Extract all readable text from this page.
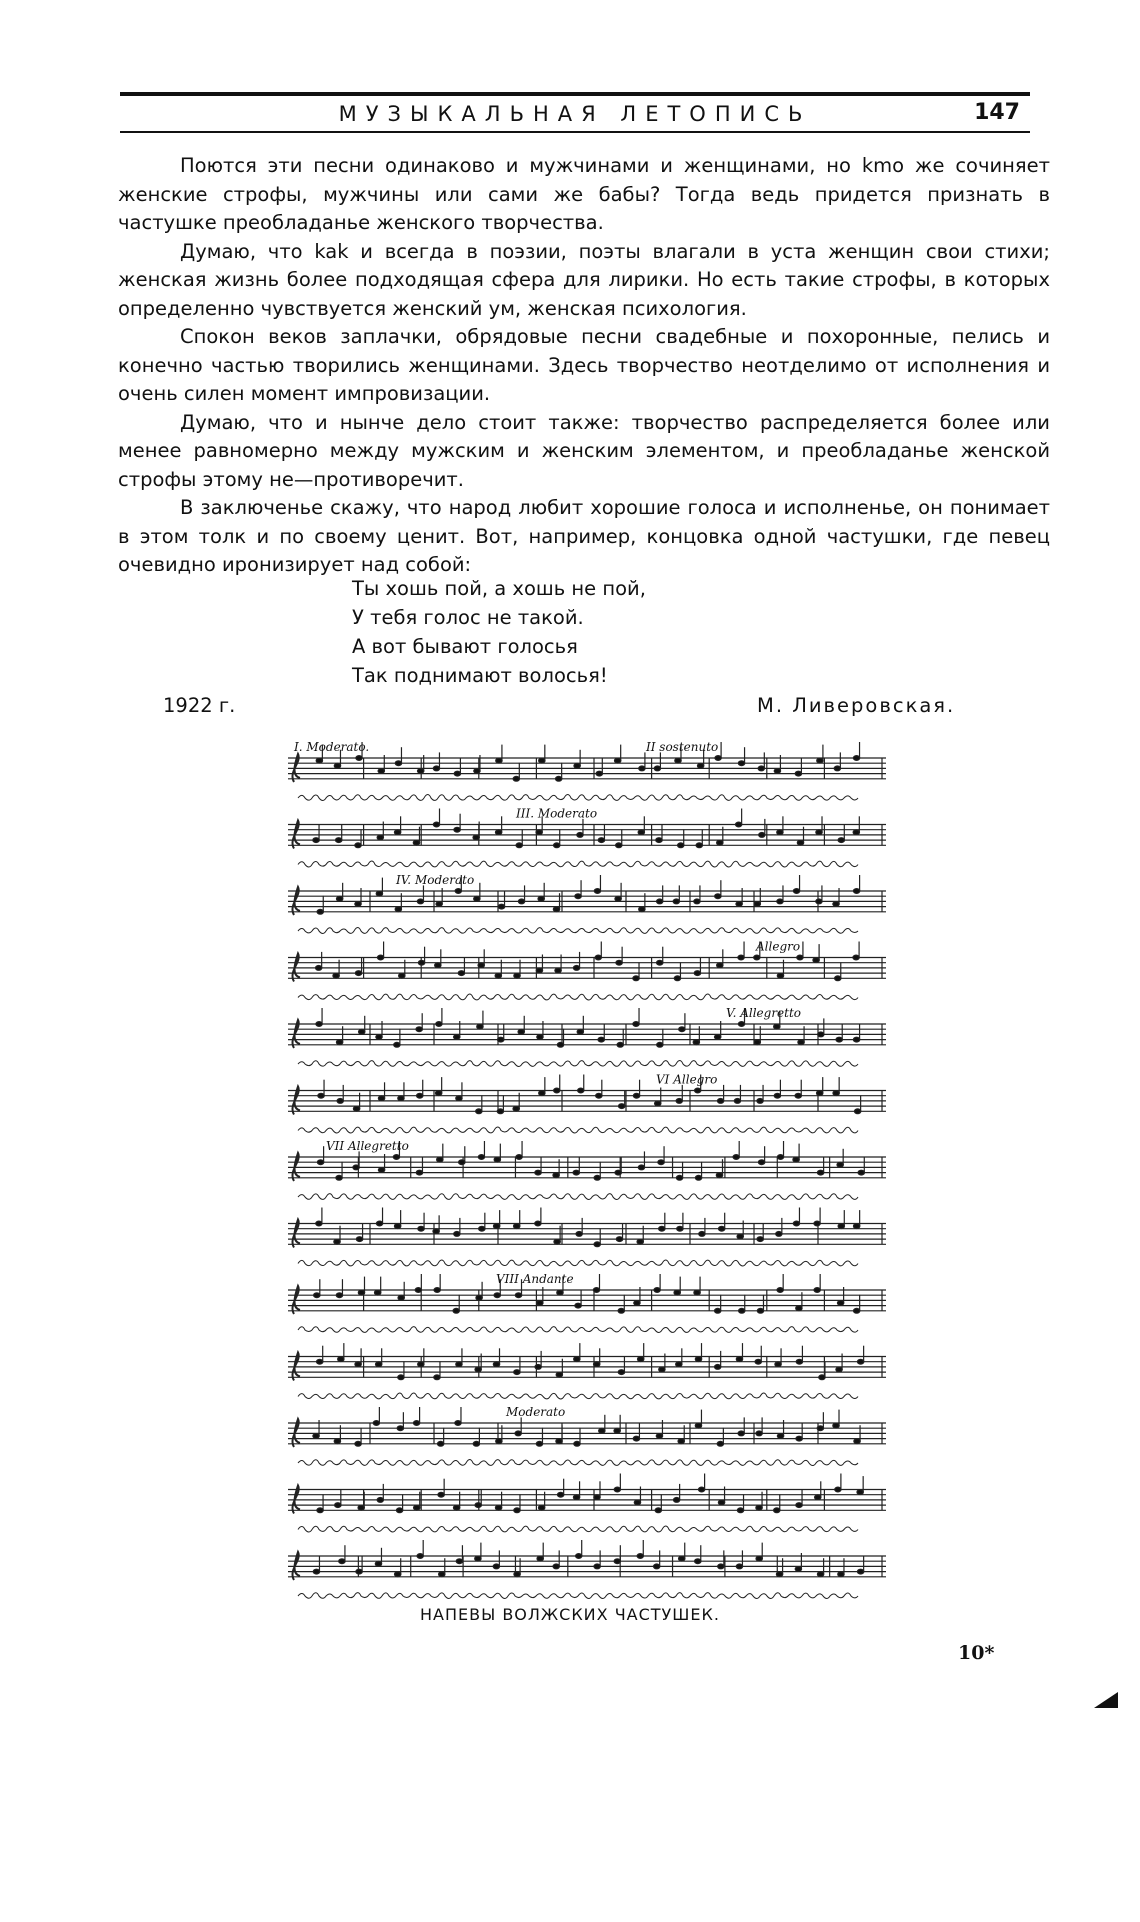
МУЗЫКАЛЬНАЯ ЛЕТОПИСЬ	147

Поются эти песни одинаково и мужчинами и женщинами, но kmo же сочиняет женские строфы, мужчины или сами же бабы? Тогда ведь придется признать в частушке преобладанье женского творчества.

Думаю, что kak и всегда в поэзии, поэты влагали в уста женщин свои стихи; женская жизнь более подходящая сфера для лирики. Но есть такие строфы, в которых определенно чувствуется женский ум, женская психология.

Спокон веков заплачки, обрядовые песни свадебные и похоронные, пелись и конечно частью творились женщинами. Здесь творчество неотделимо от исполнения и очень силен момент импровизации.

Думаю, что и нынче дело стоит также: творчество распределяется более или менее равномерно между мужским и женским элементом, и преобладанье женской строфы этому не—противоречит.

В заключенье скажу, что народ любит хорошие голоса и исполненье, он понимает в этом толк и по своему ценит. Вот, например, концовка одной частушки, где певец очевидно иронизирует над собой:

Ты хошь пой, а хошь не пой,
У тебя голос не такой.
А вот бывают голосья
Так поднимают волосья!
1922 г.	М. Ливеровская.
I. Moderato.	II sostenuto
III. Moderato
IV. Moderato
Allegro
V. Allegretto
VI Allegro
VII Allegretto
VIII Andante
Moderato
НАПЕВЫ ВОЛЖСКИХ ЧАСТУШЕК.
10*
